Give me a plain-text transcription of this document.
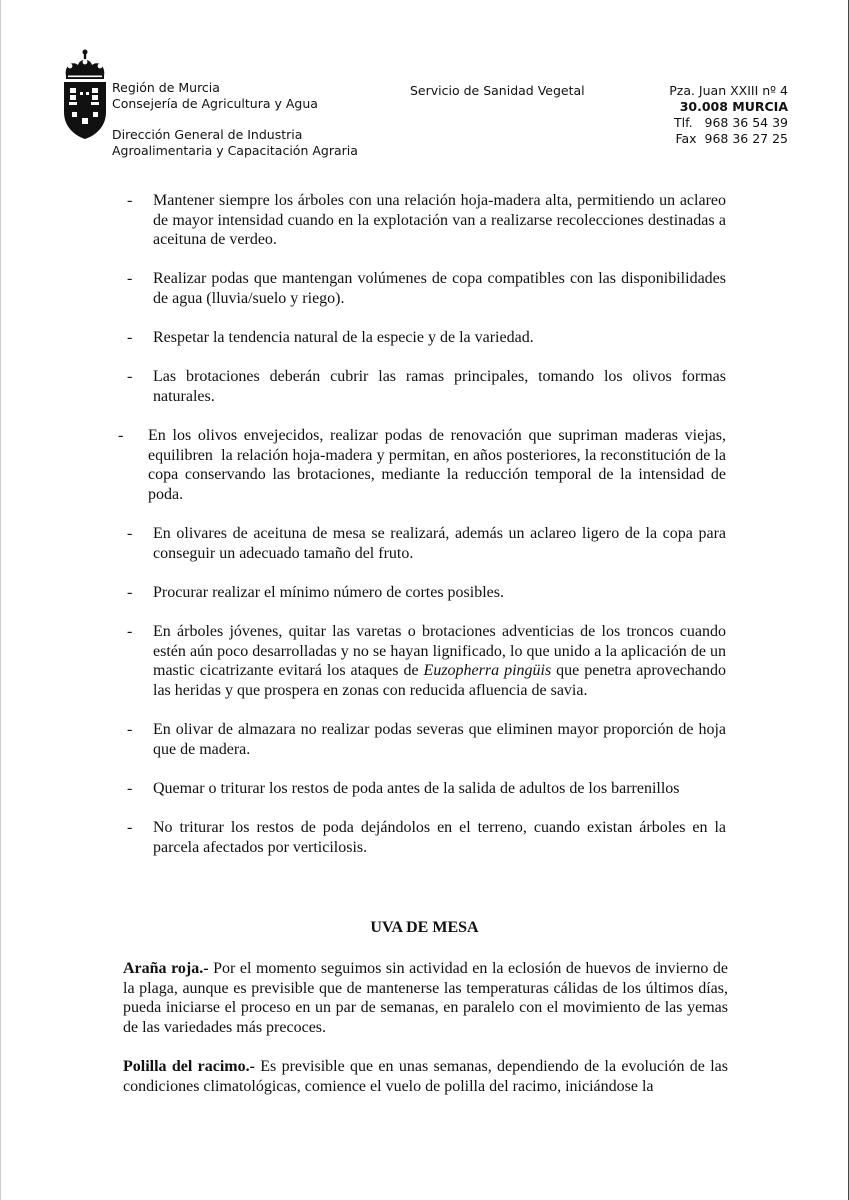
Región de Murcia
Consejería de Agricultura y Agua
Dirección General de Industria
Agroalimentaria y Capacitación Agraria
Servicio de Sanidad Vegetal	Pza. Juan XXIII nº 4
30.008 MURCIA
Tlf.   968 36 54 39
Fax  968 36 27 25
- Mantener siempre los árboles con una relación hoja-madera alta, permitiendo un aclareo de mayor intensidad cuando en la explotación van a realizarse recolecciones destinadas a aceituna de verdeo.
- Realizar podas que mantengan volúmenes de copa compatibles con las disponibilidades de agua (lluvia/suelo y riego).
- Respetar la tendencia natural de la especie y de la variedad.
- Las brotaciones deberán cubrir las ramas principales, tomando los olivos formas naturales.
- En los olivos envejecidos, realizar podas de renovación que supriman maderas viejas, equilibren  la relación hoja-madera y permitan, en años posteriores, la reconstitución de la copa conservando las brotaciones, mediante la reducción temporal de la intensidad de poda.
- En olivares de aceituna de mesa se realizará, además un aclareo ligero de la copa para conseguir un adecuado tamaño del fruto.
- Procurar realizar el mínimo número de cortes posibles.
- En árboles jóvenes, quitar las varetas o brotaciones adventicias de los troncos cuando estén aún poco desarrolladas y no se hayan lignificado, lo que unido a la aplicación de un mastic cicatrizante evitará los ataques de Euzopherra pingüis que penetra aprovechando las heridas y que prospera en zonas con reducida afluencia de savia.
- En olivar de almazara no realizar podas severas que eliminen mayor proporción de hoja que de madera.
- Quemar o triturar los restos de poda antes de la salida de adultos de los barrenillos
- No triturar los restos de poda dejándolos en el terreno, cuando existan árboles en la parcela afectados por verticilosis.
UVA DE MESA
Araña roja.- Por el momento seguimos sin actividad en la eclosión de huevos de invierno de la plaga, aunque es previsible que de mantenerse las temperaturas cálidas de los últimos días, pueda iniciarse el proceso en un par de semanas, en paralelo con el movimiento de las yemas de las variedades más precoces.
Polilla del racimo.- Es previsible que en unas semanas, dependiendo de la evolución de las condiciones climatológicas, comience el vuelo de polilla del racimo, iniciándose la
